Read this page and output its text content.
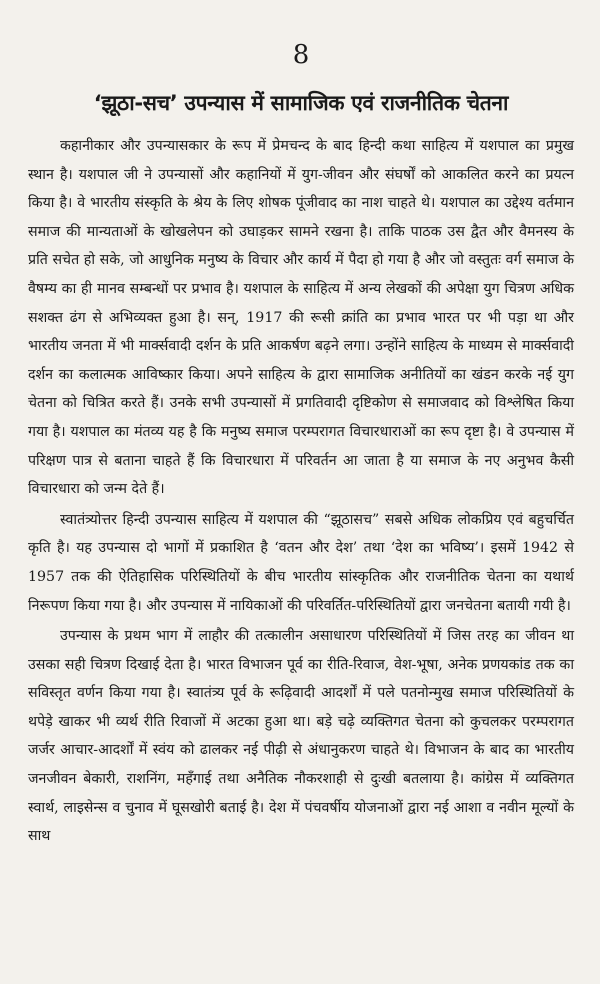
8
‘झूठा-सच’ उपन्यास में सामाजिक एवं राजनीतिक चेतना

कहानीकार और उपन्यासकार के रूप में प्रेमचन्द के बाद हिन्दी कथा साहित्य में यशपाल का प्रमुख स्थान है। यशपाल जी ने उपन्यासों और कहानियों में युग-जीवन और संघर्षों को आकलित करने का प्रयत्न किया है। वे भारतीय संस्कृति के श्रेय के लिए शोषक पूंजीवाद का नाश चाहते थे। यशपाल का उद्देश्य वर्तमान समाज की मान्यताओं के खोखलेपन को उघाड़कर सामने रखना है। ताकि पाठक उस द्वैत और वैमनस्य के प्रति सचेत हो सके, जो आधुनिक मनुष्य के विचार और कार्य में पैदा हो गया है और जो वस्तुतः वर्ग समाज के वैषम्य का ही मानव सम्बन्धों पर प्रभाव है। यशपाल के साहित्य में अन्य लेखकों की अपेक्षा युग चित्रण अधिक सशक्त ढंग से अभिव्यक्त हुआ है। सन्, 1917 की रूसी क्रांति का प्रभाव भारत पर भी पड़ा था और भारतीय जनता में भी मार्क्सवादी दर्शन के प्रति आकर्षण बढ़ने लगा। उन्होंने साहित्य के माध्यम से मार्क्सवादी दर्शन का कलात्मक आविष्कार किया। अपने साहित्य के द्वारा सामाजिक अनीतियों का खंडन करके नई युग चेतना को चित्रित करते हैं। उनके सभी उपन्यासों में प्रगतिवादी दृष्टिकोण से समाजवाद को विश्लेषित किया गया है। यशपाल का मंतव्य यह है कि मनुष्य समाज परम्परागत विचारधाराओं का रूप दृष्टा है। वे उपन्यास में परिक्षण पात्र से बताना चाहते हैं कि विचारधारा में परिवर्तन आ जाता है या समाज के नए अनुभव कैसी विचारधारा को जन्म देते हैं।

स्वातंत्र्योत्तर हिन्दी उपन्यास साहित्य में यशपाल की “झूठासच” सबसे अधिक लोकप्रिय एवं बहुचर्चित कृति है। यह उपन्यास दो भागों में प्रकाशित है ‘वतन और देश’ तथा ‘देश का भविष्य’। इसमें 1942 से 1957 तक की ऐतिहासिक परिस्थितियों के बीच भारतीय सांस्कृतिक और राजनीतिक चेतना का यथार्थ निरूपण किया गया है। और उपन्यास में नायिकाओं की परिवर्तित-परिस्थितियों द्वारा जनचेतना बतायी गयी है।

उपन्यास के प्रथम भाग में लाहौर की तत्कालीन असाधारण परिस्थितियों में जिस तरह का जीवन था उसका सही चित्रण दिखाई देता है। भारत विभाजन पूर्व का रीति-रिवाज, वेश-भूषा, अनेक प्रणयकांड तक का सविस्तृत वर्णन किया गया है। स्वातंत्र्य पूर्व के रूढ़िवादी आदर्शों में पले पतनोन्मुख समाज परिस्थितियों के थपेड़े खाकर भी व्यर्थ रीति रिवाजों में अटका हुआ था। बड़े चढ़े व्यक्तिगत चेतना को कुचलकर परम्परागत जर्जर आचार-आदर्शों में स्वंय को ढालकर नई पीढ़ी से अंधानुकरण चाहते थे। विभाजन के बाद का भारतीय जनजीवन बेकारी, राशनिंग, महँगाई तथा अनैतिक नौकरशाही से दुःखी बतलाया है। कांग्रेस में व्यक्तिगत स्वार्थ, लाइसेन्स व चुनाव में घूसखोरी बताई है। देश में पंचवर्षीय योजनाओं द्वारा नई आशा व नवीन मूल्यों के साथ
